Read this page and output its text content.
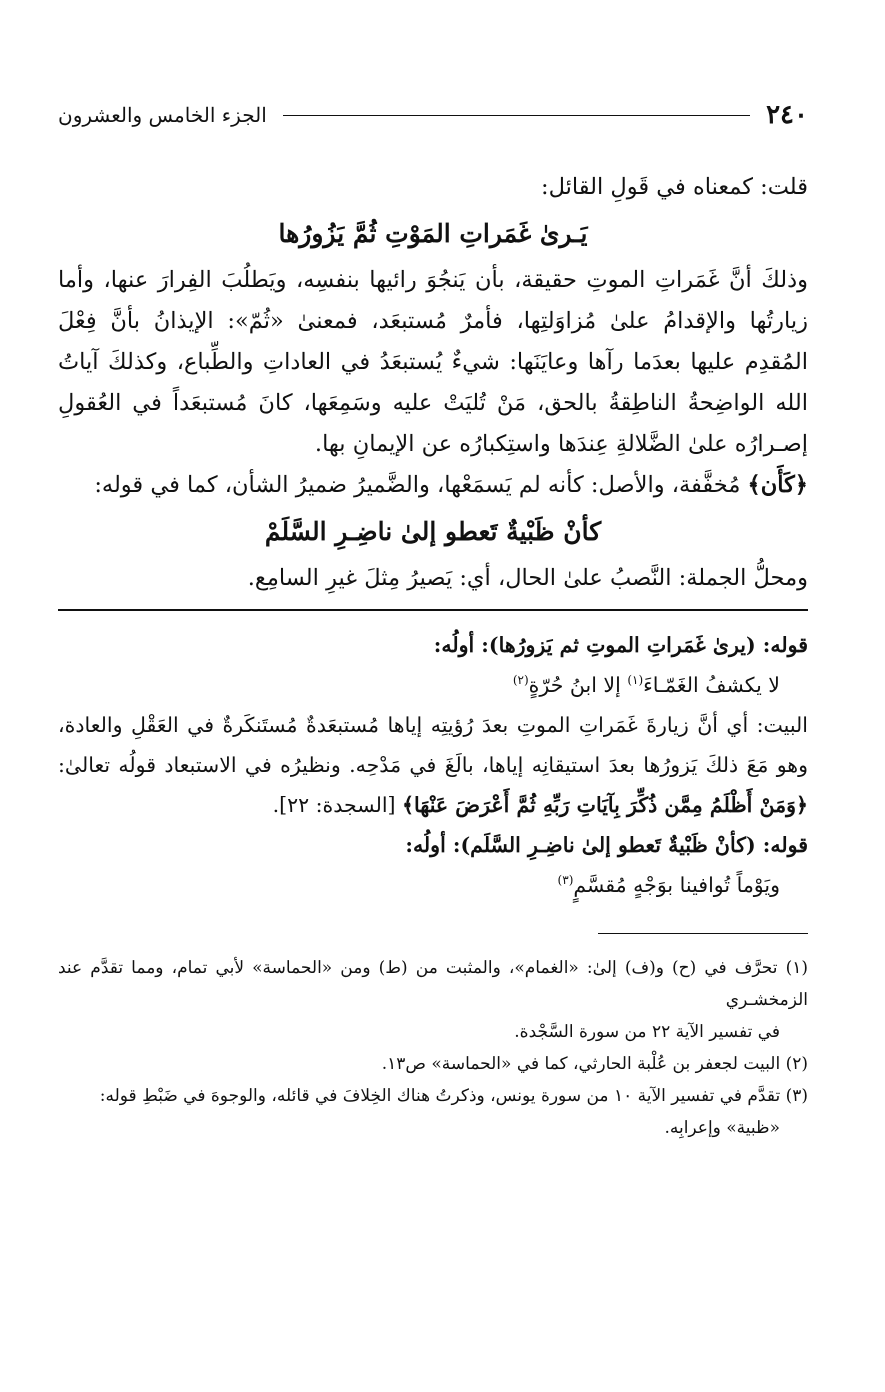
٢٤٠
الجزء الخامس والعشرون

قلت: كمعناه في قَولِ القائل:

يَـرىٰ غَمَراتِ المَوْتِ ثُمَّ يَزُورُها

وذلكَ أنَّ غَمَراتِ الموتِ حقيقة، بأن يَنجُوَ رائيها بنفسِه، ويَطلُبَ الفِرارَ عنها، وأما زيارتُها والإقدامُ علىٰ مُزاوَلتِها، فأمرٌ مُستبعَد، فمعنىٰ «ثُمّ»: الإيذانُ بأنَّ فِعْلَ المُقدِم عليها بعدَما رآها وعايَنَها: شيءٌ يُستبعَدُ في العاداتِ والطِّباع، وكذلكَ آياتُ الله الواضِحةُ الناطِقةُ بالحق، مَنْ تُليَتْ عليه وسَمِعَها، كانَ مُستبعَداً في العُقولِ إصـرارُه علىٰ الضَّلالةِ عِندَها واستِكبارُه عن الإيمانِ بها.

﴿كَأَن﴾ مُخفَّفة، والأصل: كأنه لم يَسمَعْها، والضَّميرُ ضميرُ الشأن، كما في قوله:

كأنْ ظَبْيةٌ تَعطو إلىٰ ناضِـرِ السَّلَمْ

ومحلُّ الجملة: النَّصبُ علىٰ الحال، أي: يَصيرُ مِثلَ غيرِ السامِع.

قوله: (يرىٰ غَمَراتِ الموتِ ثم يَزورُها): أولُه:

لا يكشفُ الغَمّـاءَ$^{(١)}$ إلا ابنُ حُرّةٍ$^{(٢)}$

البيت: أي أنَّ زيارةَ غَمَراتِ الموتِ بعدَ رُؤيتِه إياها مُستبعَدةٌ مُستَنكَرةٌ في العَقْلِ والعادة، وهو مَعَ ذلكَ يَزورُها بعدَ استيقانِه إياها، بالَغَ في مَدْحِه. ونظيرُه في الاستبعاد قولُه تعالىٰ: ﴿وَمَنْ أَظْلَمُ مِمَّن ذُكِّرَ بِآيَاتِ رَبِّهِ ثُمَّ أَعْرَضَ عَنْهَا﴾ [السجدة: ٢٢].

قوله: (كأنْ ظَبْيةٌ تَعطو إلىٰ ناضِـرِ السَّلَم): أولُه:

ويَوْماً تُوافينا بوَجْهٍ مُقسَّمٍ$^{(٣)}$

(١) تحرَّف في (ح) و(ف) إلىٰ: «الغمام»، والمثبت من (ط) ومن «الحماسة» لأبي تمام، ومما تقدَّم عند الزمخشـري

في تفسير الآية ٢٢ من سورة السَّجْدة.

(٢) البيت لجعفر بن عُلْبة الحارثي، كما في «الحماسة» ص١٣.

(٣) تقدَّم في تفسير الآية ١٠ من سورة يونس، وذكرتُ هناك الخِلافَ في قائله، والوجوهَ في ضَبْطِ قوله:

«ظبية» وإعرابِه.
